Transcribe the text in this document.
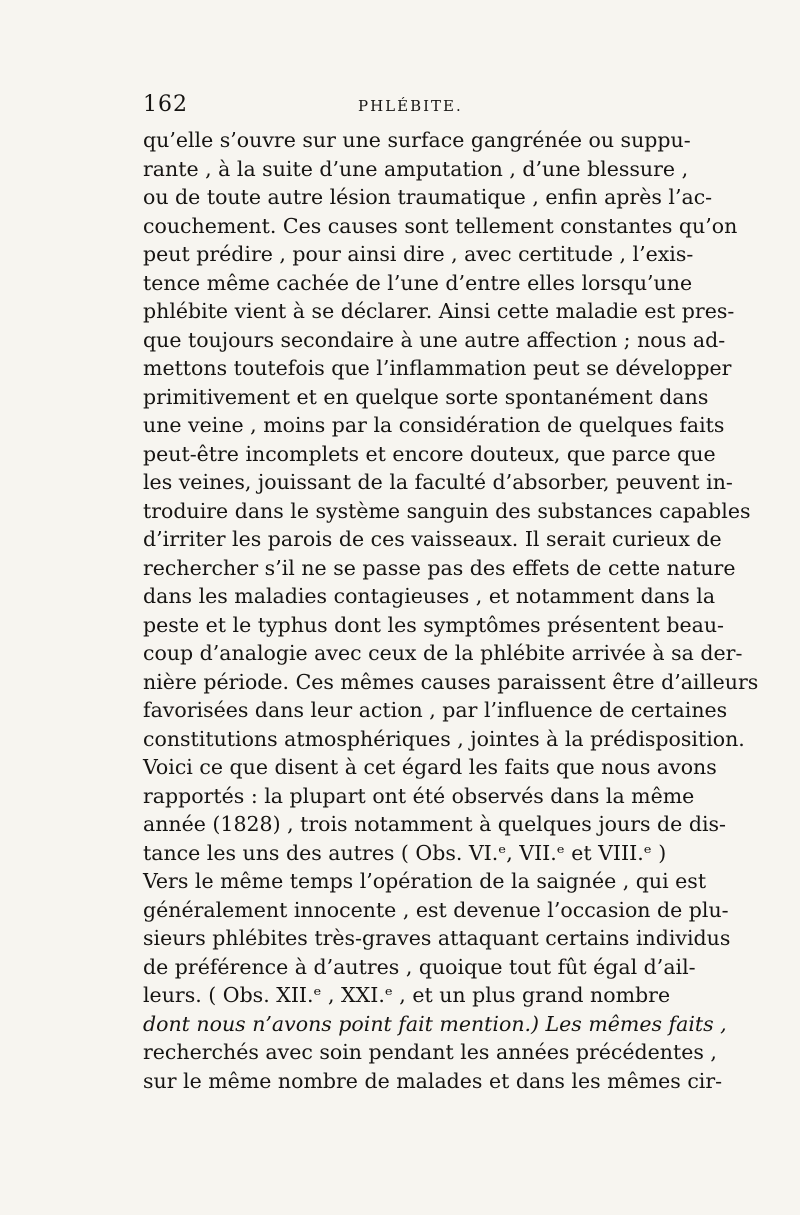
162	PHLÉBITE.
qu’elle s’ouvre sur une surface gangrénée ou suppu-
rante , à la suite d’une amputation , d’une blessure ,
ou de toute autre lésion traumatique , enfin après l’ac-
couchement. Ces causes sont tellement constantes qu’on
peut prédire , pour ainsi dire , avec certitude , l’exis-
tence même cachée de l’une d’entre elles lorsqu’une
phlébite vient à se déclarer. Ainsi cette maladie est pres-
que toujours secondaire à une autre affection ; nous ad-
mettons toutefois que l’inflammation peut se développer
primitivement et en quelque sorte spontanément dans
une veine , moins par la considération de quelques faits
peut-être incomplets et encore douteux, que parce que
les veines, jouissant de la faculté d’absorber, peuvent in-
troduire dans le système sanguin des substances capables
d’irriter les parois de ces vaisseaux. Il serait curieux de
rechercher s’il ne se passe pas des effets de cette nature
dans les maladies contagieuses , et notamment dans la
peste et le typhus dont les symptômes présentent beau-
coup d’analogie avec ceux de la phlébite arrivée à sa der-
nière période. Ces mêmes causes paraissent être d’ailleurs
favorisées dans leur action , par l’influence de certaines
constitutions atmosphériques , jointes à la prédisposition.
Voici ce que disent à cet égard les faits que nous avons
rapportés : la plupart ont été observés dans la même
année (1828) , trois notamment à quelques jours de dis-
tance les uns des autres ( Obs. VI.ᵉ, VII.ᵉ et VIII.ᵉ )
Vers le même temps l’opération de la saignée , qui est
généralement innocente , est devenue l’occasion de plu-
sieurs phlébites très-graves attaquant certains individus
de préférence à d’autres , quoique tout fût égal d’ail-
leurs. ( Obs. XII.ᵉ , XXI.ᵉ , et un plus grand nombre
dont nous n’avons point fait mention.) Les mêmes faits ,
recherchés avec soin pendant les années précédentes ,
sur le même nombre de malades et dans les mêmes cir-
